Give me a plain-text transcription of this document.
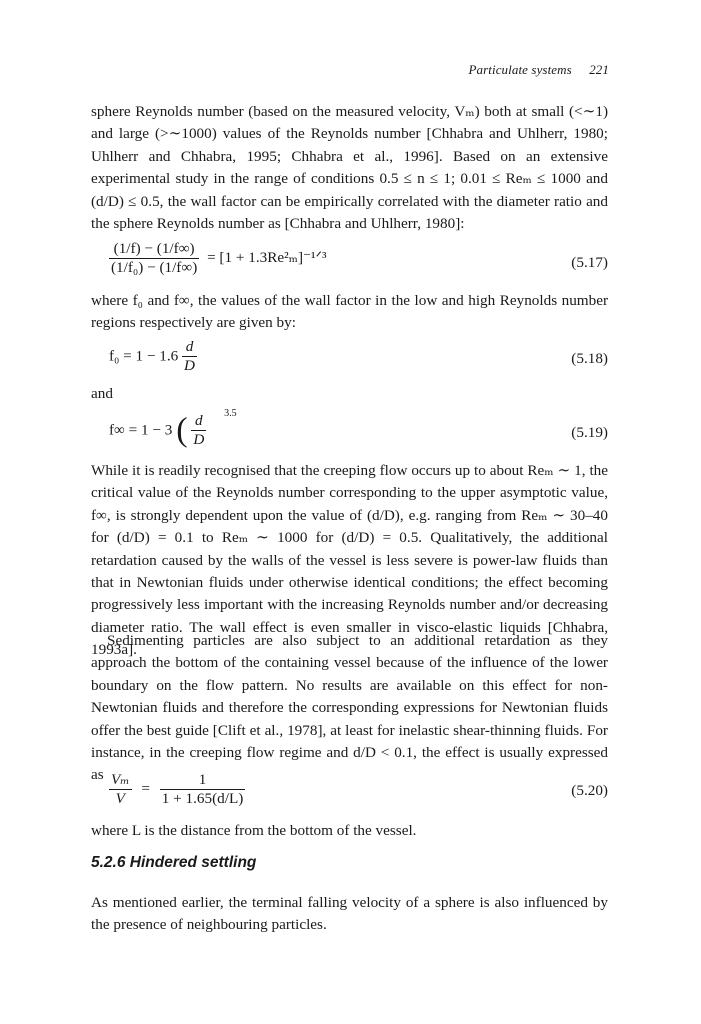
Particulate systems 221

sphere Reynolds number (based on the measured velocity, Vₘ) both at small (<∼1) and large (>∼1000) values of the Reynolds number [Chhabra and Uhlherr, 1980; Uhlherr and Chhabra, 1995; Chhabra et al., 1996]. Based on an extensive experimental study in the range of conditions 0.5 ≤ n ≤ 1; 0.01 ≤ Reₘ ≤ 1000 and (d/D) ≤ 0.5, the wall factor can be empirically correlated with the diameter ratio and the sphere Reynolds number as [Chhabra and Uhlherr, 1980]:

$\frac{(1/f) - (1/f\infty)}{\text{(1/f₀) − (1/f∞)}} = [1$ + 1.3Re²ₘ]⁻¹ᐟ³	(5.17)

where f₀ and f∞, the values of the wall factor in the low and high Reynolds number regions respectively are given by:

$f_0 = 1 - 1.6 \frac{d}{D}$	(5.18)

and

f∞ = 1 − 3 ( $\frac{d}{D} ^{3.5}$
(5.19)

While it is readily recognised that the creeping flow occurs up to about Reₘ ∼ 1, the critical value of the Reynolds number corresponding to the upper asymptotic value, f∞, is strongly dependent upon the value of (d/D), e.g. ranging from Reₘ ∼ 30–40 for (d/D) = 0.1 to Reₘ ∼ 1000 for (d/D) = 0.5. Qualitatively, the additional retardation caused by the walls of the vessel is less severe is power-law fluids than that in Newtonian fluids under otherwise identical conditions; the effect becoming progressively less important with the increasing Reynolds number and/or decreasing diameter ratio. The wall effect is even smaller in visco-elastic liquids [Chhabra, 1993a].

Sedimenting particles are also subject to an additional retardation as they approach the bottom of the containing vessel because of the influence of the lower boundary on the flow pattern. No results are available on this effect for non-Newtonian fluids and therefore the corresponding expressions for Newtonian fluids offer the best guide [Clift et al., 1978], at least for inelastic shear-thinning fluids. For instance, in the creeping flow regime and d/D < 0.1, the effect is usually expressed as $\frac{\text{Vₘ}}{V} = \frac{1}{1 + 1.65(d/L)}$	(5.20)

where L is the distance from the bottom of the vessel.

5.2.6 Hindered settling

As mentioned earlier, the terminal falling velocity of a sphere is also influenced by the presence of neighbouring particles.
